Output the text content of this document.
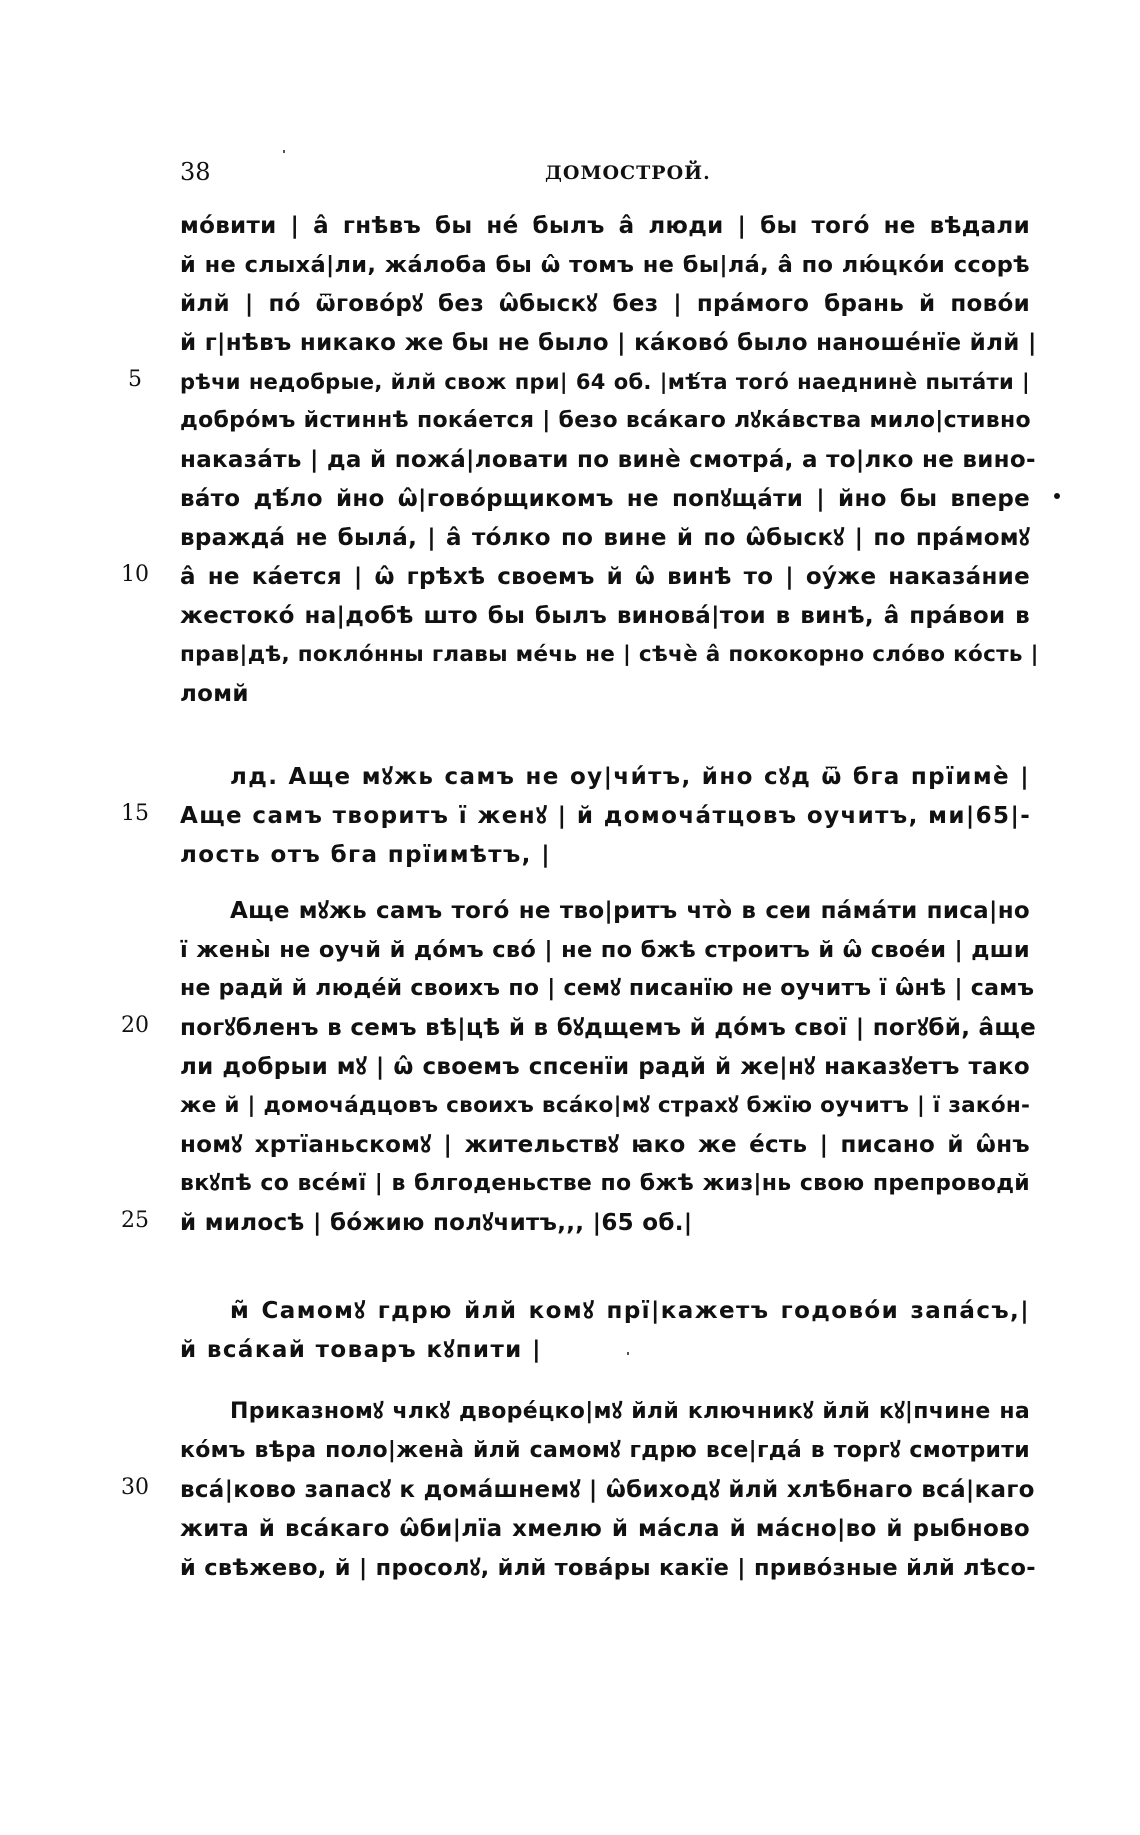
38	ДОМОСТРОЙ.
мóвити | â гнѣвъ бы нé былъ â люди | бы тогó не вѣдали
й не слыха́|ли, жáлоба бы ѡ̂ томъ не бы|лá, â по лю́цкóи ссорѣ
йлй | пó ѿговóрꙋ без ѡ̂быскꙋ без | прáмого брань й повóи
й г|нѣвъ никако же бы не было | кáковó было наношéнїе йлй |
5	рѣчи недобрые, йлй свож при| 64 об. |мѣ́та тогó наеднинè пытáти |
добрóмъ йстиннѣ покáется | безо всáкаго лꙋкáвства мило|стивно
наказáть | да й пожá|ловати по винè смотрá, а то|лко не вино-
вáто дѣ́ло йно ѡ̂|говóрщикомъ не попꙋщáти | йно бы впере
враждá не былá, | â тóлко по вине й по ѡ̂быскꙋ | по прáмомꙋ
10	â не кáется | ѡ̂ грѣхѣ своемъ й ѡ̂ винѣ то | оу́же наказáние
жестокó на|добѣ што бы былъ виновá|тои в винѣ, â прáвои в
прав|дѣ, поклóнны главы мéчь не | сѣчѐ â пококорно слóво кóсть |
ломй
лд. Аще мꙋжь самъ не оу|чи́тъ, йно сꙋд ѿ бга прїимѐ |
15	Аще самъ творитъ ї женꙋ | й домочáтцовъ оучитъ, ми|65|-
лость отъ бга прїимѣтъ, |
Аще мꙋжь самъ тогó не тво|ритъ что̀ в сеи пáмáти писа|но
ї жены̀ не оучй й дóмъ свó | не по бжѣ строитъ й ѡ̂ своéи | дши
не радй й людéй своихъ по | семꙋ писанїю не оучитъ ї ѡ̂нѣ | самъ
20	погꙋбленъ в семъ вѣ|цѣ й в бꙋдщемъ й дóмъ своï | погꙋбй, âще
ли добрыи мꙋ | ѡ̂ своемъ спсенїи радй й же|нꙋ наказꙋетъ тако
же й | домочáдцовъ своихъ всáко|мꙋ страхꙋ бжїю оучитъ | ї закóн-
номꙋ хртїаньскомꙋ | жительствꙋ ꙗко же éсть | писано й ѡ̂нъ
вкꙋпѣ со всéмї | в блгоденьстве по бжѣ жиз|нь свою препроводй
25	й милосѣ | бóжию полꙋчитъ,,, |65 об.|
м̃ Самомꙋ гдрю йлй комꙋ прї|кажетъ годовóи запáсъ,|
й всáкай товаръ кꙋпити |
Приказномꙋ члкꙋ дворéцко|мꙋ йлй ключникꙋ йлй кꙋ|пчине на
кóмъ вѣра поло|жена̀ йлй самомꙋ гдрю все|гдá в торгꙋ смотрити
30	всá|ково запасꙋ к домáшнемꙋ | ѡ̂биходꙋ йлй хлѣбнаго всá|каго
жита й всáкаго ѡ̂би|лїа хмелю й мáсла й мáсно|во й рыбново
й свѣжево, й | просолꙋ, йлй товáры какїе | привóзные йлй лѣсо-
